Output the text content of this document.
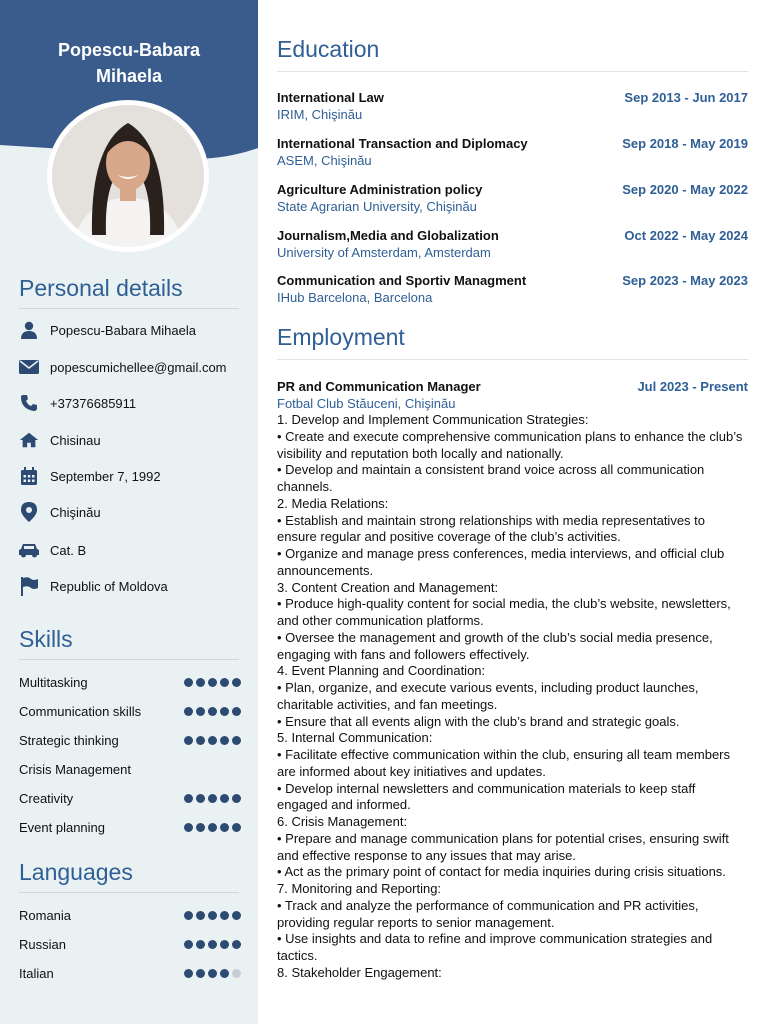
Popescu-Babara
Mihaela
Personal details
Popescu-Babara Mihaela
popescumichellee@gmail.com
+37376685911
Chisinau
September 7, 1992
Chişinău
Cat. B
Republic of Moldova
Skills
Multitasking
Communication skills
Strategic thinking
Crisis Management
Creativity
Event planning
Languages
Romania
Russian
Italian
Education
International Law	Sep 2013 - Jun 2017
IRIM, Chişinău
International Transaction and Diplomacy	Sep 2018 - May 2019
ASEM, Chişinău
Agriculture Administration policy	Sep 2020 - May 2022
State Agrarian University, Chişinău
Journalism,Media and Globalization	Oct 2022 - May 2024
University of Amsterdam, Amsterdam
Communication and Sportiv Managment	Sep 2023 - May 2023
IHub Barcelona, Barcelona
Employment
PR and Communication Manager	Jul 2023 - Present
Fotbal Club Stăuceni, Chişinău
1. Develop and Implement Communication Strategies:
• Create and execute comprehensive communication plans to enhance the club’s visibility and reputation both locally and nationally.
• Develop and maintain a consistent brand voice across all communication channels.
2. Media Relations:
• Establish and maintain strong relationships with media representatives to ensure regular and positive coverage of the club’s activities.
• Organize and manage press conferences, media interviews, and official club announcements.
3. Content Creation and Management:
• Produce high-quality content for social media, the club’s website, newsletters, and other communication platforms.
• Oversee the management and growth of the club’s social media presence, engaging with fans and followers effectively.
4. Event Planning and Coordination:
• Plan, organize, and execute various events, including product launches, charitable activities, and fan meetings.
• Ensure that all events align with the club’s brand and strategic goals.
5. Internal Communication:
• Facilitate effective communication within the club, ensuring all team members are informed about key initiatives and updates.
• Develop internal newsletters and communication materials to keep staff engaged and informed.
6. Crisis Management:
• Prepare and manage communication plans for potential crises, ensuring swift and effective response to any issues that may arise.
• Act as the primary point of contact for media inquiries during crisis situations.
7. Monitoring and Reporting:
• Track and analyze the performance of communication and PR activities, providing regular reports to senior management.
• Use insights and data to refine and improve communication strategies and tactics.
8. Stakeholder Engagement:
